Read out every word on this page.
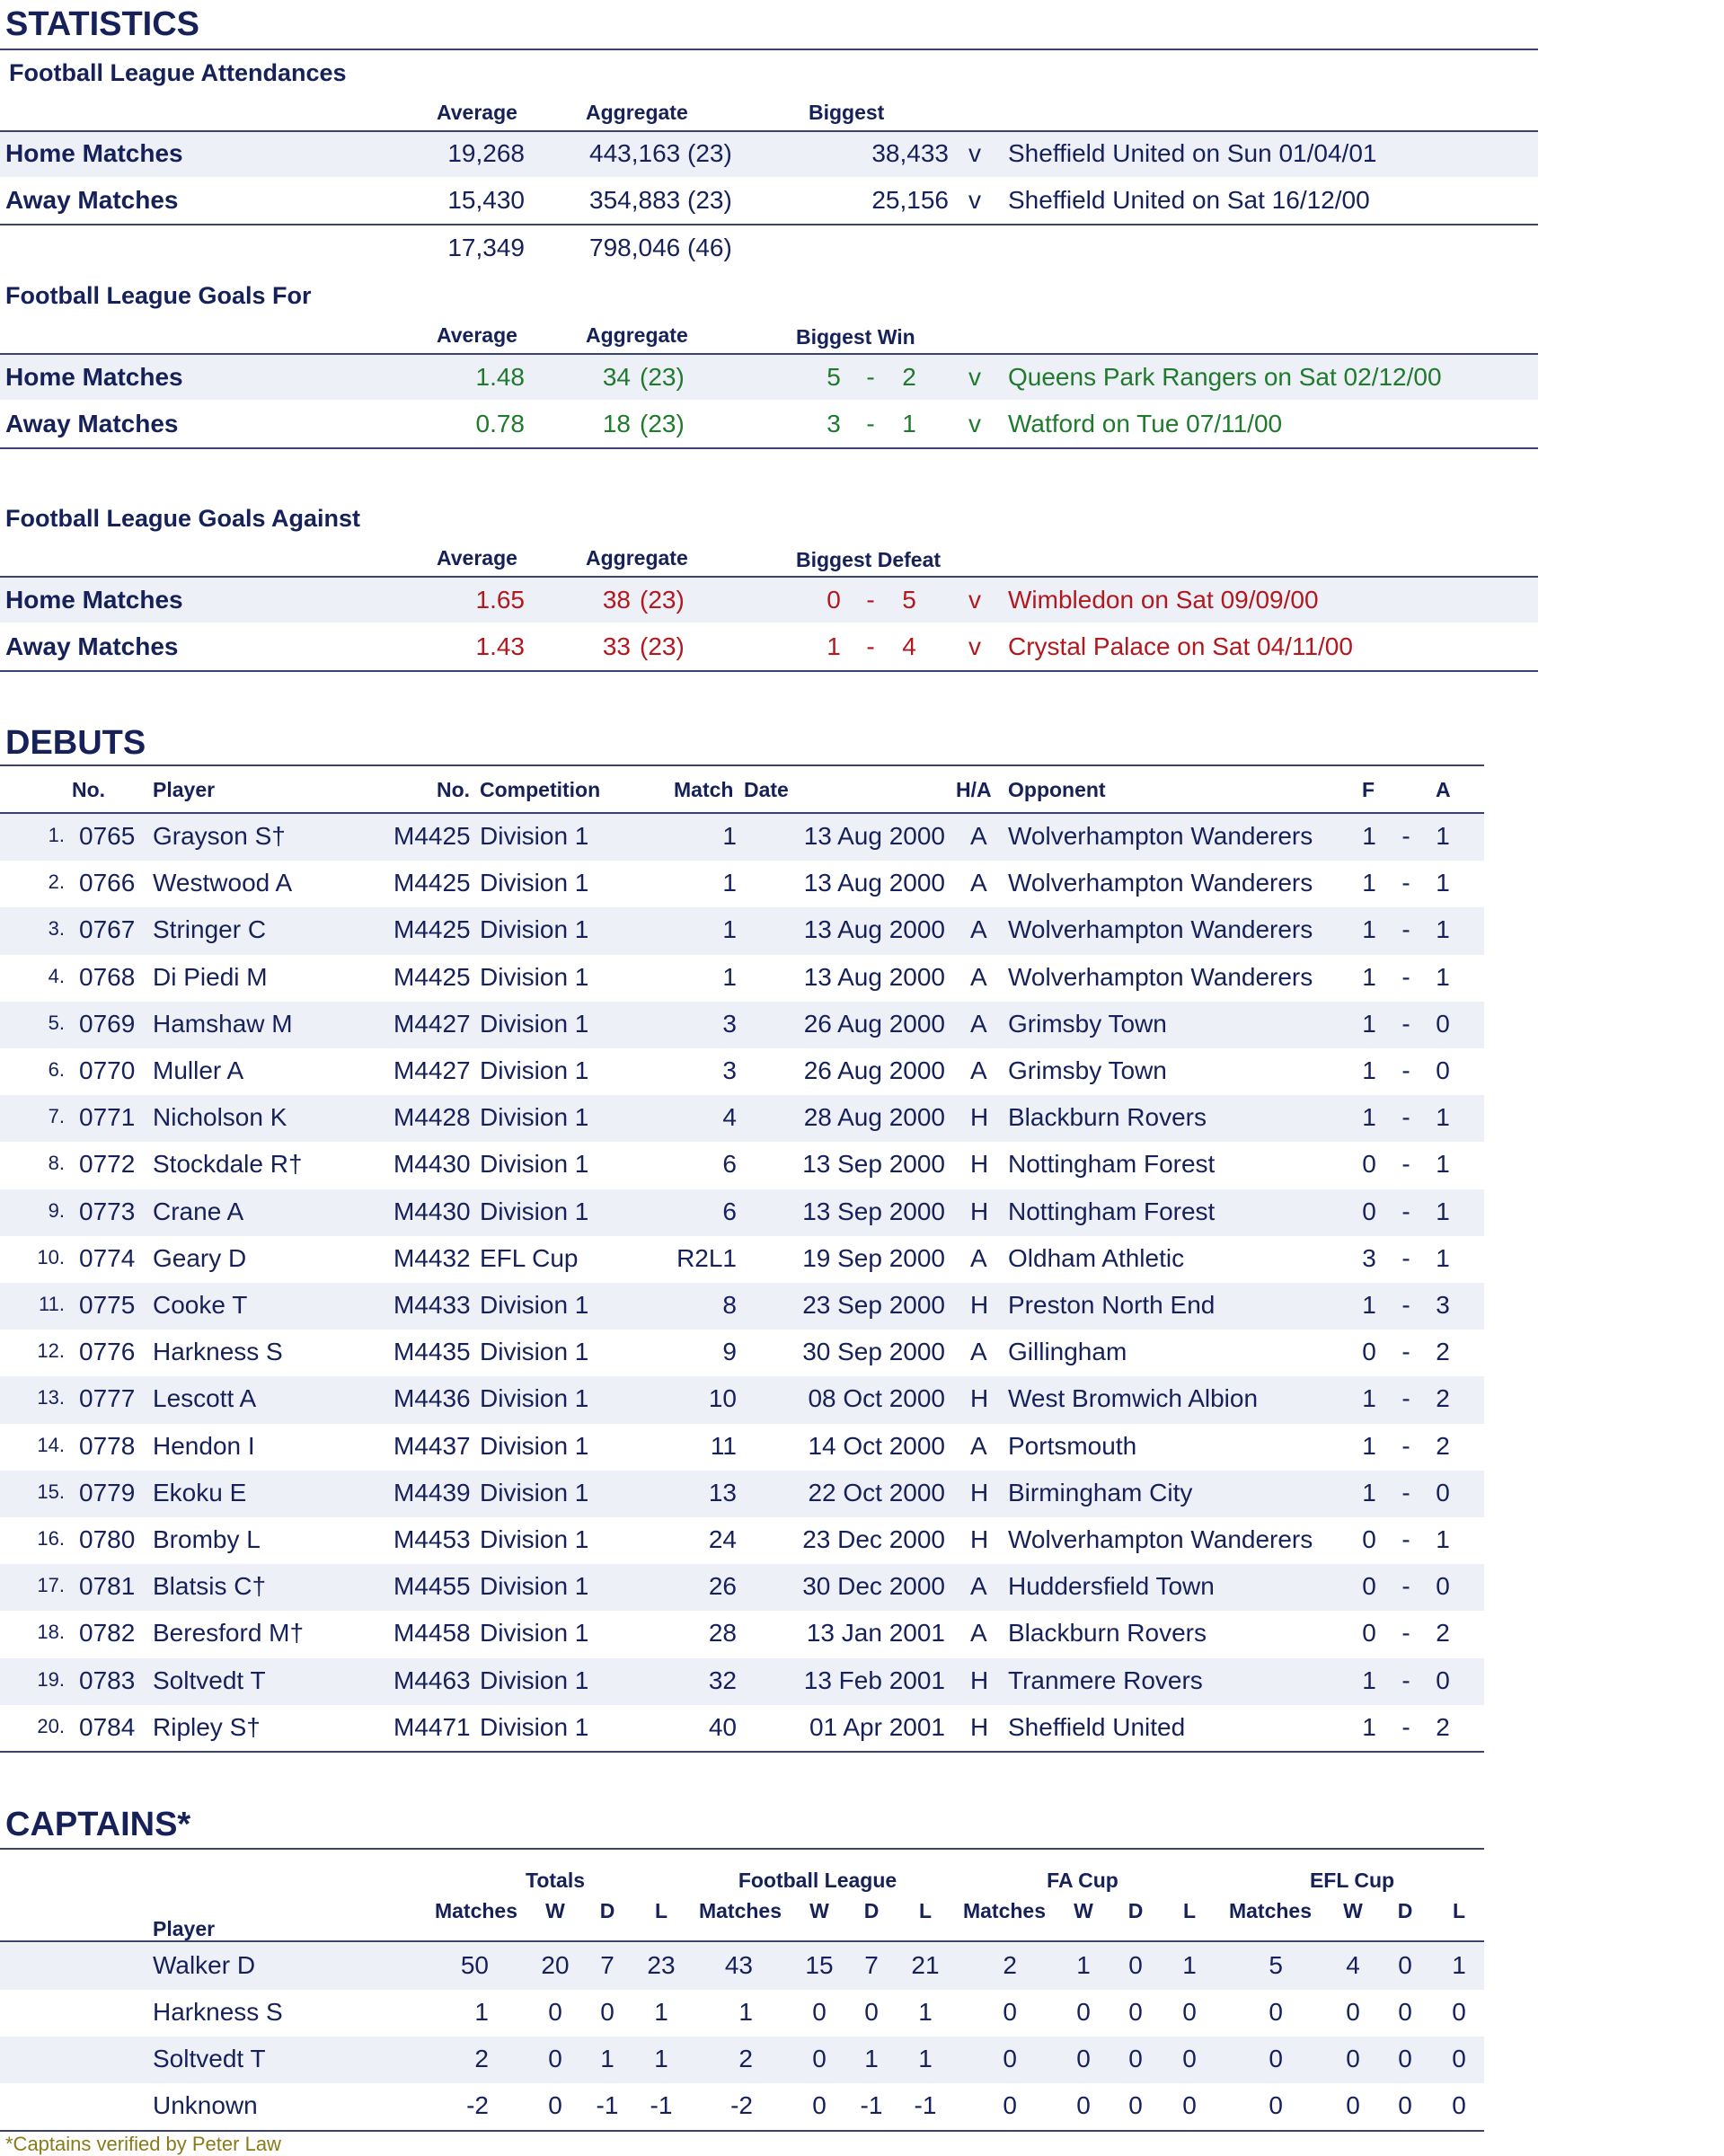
STATISTICS
Football League Attendances
Average	Aggregate	Biggest
Home Matches	19,268	443,163 (23)	38,433 v Sheffield United on Sun 01/04/01
Away Matches	15,430	354,883 (23)	25,156 v Sheffield United on Sat 16/12/00
17,349	798,046 (46)
Football League Goals For
Average	Aggregate	Biggest Win
Home Matches	1.48	34 (23)	5	-	2	v Queens Park Rangers on Sat 02/12/00
Away Matches	0.78	18 (23)	3	-	1	v Watford on Tue 07/11/00
Football League Goals Against
Average	Aggregate	Biggest Defeat
Home Matches	1.65	38 (23)	0	-	5	v Wimbledon on Sat 09/09/00
Away Matches	1.43	33 (23)	1	-	4	v Crystal Palace on Sat 04/11/00
DEBUTS
No. Player	No. Competition	Match Date	H/A Opponent	F	A
1. 0765 Grayson S†	M4425 Division 1	1	13 Aug 2000 A Wolverhampton Wanderers	1	-	1
2. 0766 Westwood A	M4425 Division 1	1	13 Aug 2000 A Wolverhampton Wanderers	1	-	1
3. 0767 Stringer C	M4425 Division 1	1	13 Aug 2000 A Wolverhampton Wanderers	1	-	1
4. 0768 Di Piedi M	M4425 Division 1	1	13 Aug 2000 A Wolverhampton Wanderers	1	-	1
5. 0769 Hamshaw M	M4427 Division 1	3	26 Aug 2000 A Grimsby Town	1	-	0
6. 0770 Muller A	M4427 Division 1	3	26 Aug 2000 A Grimsby Town	1	-	0
7. 0771 Nicholson K	M4428 Division 1	4	28 Aug 2000 H Blackburn Rovers	1	-	1
8. 0772 Stockdale R†	M4430 Division 1	6	13 Sep 2000 H Nottingham Forest	0	-	1
9. 0773 Crane A	M4430 Division 1	6	13 Sep 2000 H Nottingham Forest	0	-	1
10. 0774 Geary D	M4432 EFL Cup	R2L1	19 Sep 2000 A Oldham Athletic	3	-	1
11. 0775 Cooke T	M4433 Division 1	8	23 Sep 2000 H Preston North End	1	-	3
12. 0776 Harkness S	M4435 Division 1	9	30 Sep 2000 A Gillingham	0	-	2
13. 0777 Lescott A	M4436 Division 1	10	08 Oct 2000 H West Bromwich Albion	1	-	2
14. 0778 Hendon I	M4437 Division 1	11	14 Oct 2000 A Portsmouth	1	-	2
15. 0779 Ekoku E	M4439 Division 1	13	22 Oct 2000 H Birmingham City	1	-	0
16. 0780 Bromby L	M4453 Division 1	24	23 Dec 2000 H Wolverhampton Wanderers	0	-	1
17. 0781 Blatsis C†	M4455 Division 1	26	30 Dec 2000 A Huddersfield Town	0	-	0
18. 0782 Beresford M†	M4458 Division 1	28	13 Jan 2001 A Blackburn Rovers	0	-	2
19. 0783 Soltvedt T	M4463 Division 1	32	13 Feb 2001 H Tranmere Rovers	1	-	0
20. 0784 Ripley S†	M4471 Division 1	40	01 Apr 2001 H Sheffield United	1	-	2
CAPTAINS*
Totals	Football League	FA Cup	EFL Cup
Player
Matches	W	D	L	Matches	W	D	L	Matches	W	D	L	Matches	W	D	L
Walker D	50	20	7	23	43	15	7	21	2	1	0	1	5	4	0	1
Harkness S	1	0	0	1	1	0	0	1	0	0	0	0	0	0	0	0
Soltvedt T	2	0	1	1	2	0	1	1	0	0	0	0	0	0	0	0
Unknown	-2	0	-1	-1	-2	0	-1	-1	0	0	0	0	0	0	0	0
*Captains verified by Peter Law
